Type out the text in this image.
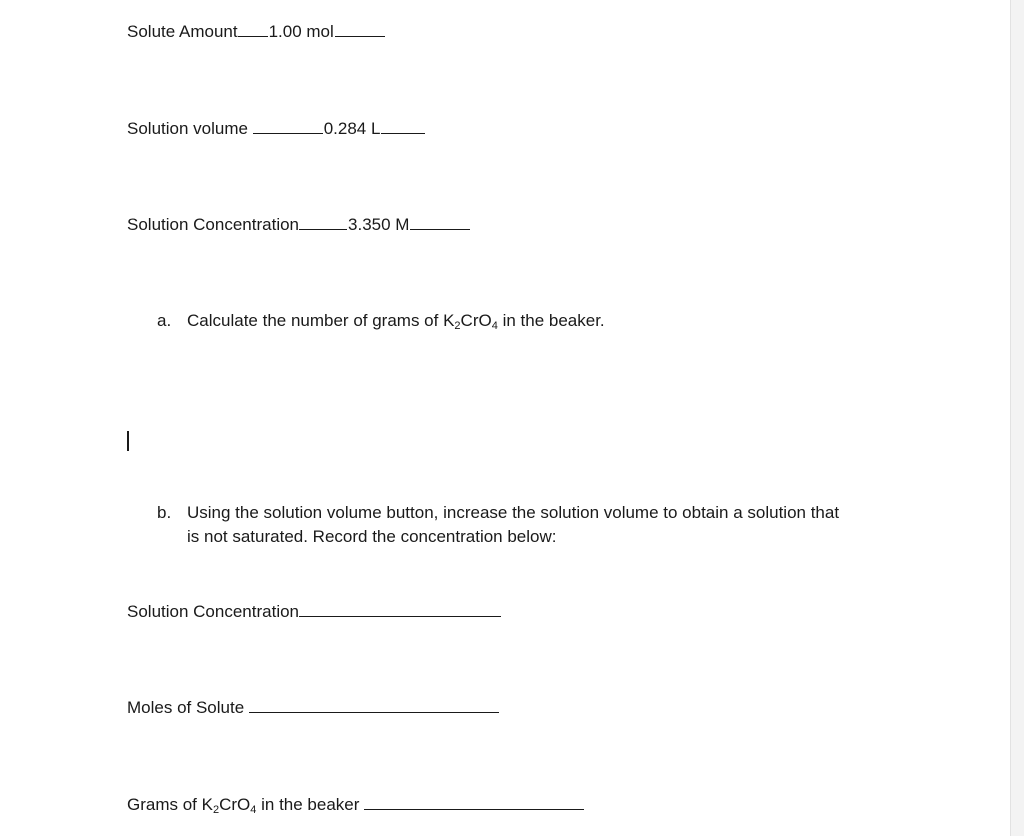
Solute Amount 1.00 mol
Solution volume	0.284 L
Solution Concentration	3.350 M
a. Calculate the number of grams of $K_2CrO_4$ in the beaker.
b. Using the solution volume button, increase the solution volume to obtain a solution that
is not saturated. Record the concentration below:
Solution Concentration
Moles of Solute
Grams of $K_2CrO_4$ in the beaker
